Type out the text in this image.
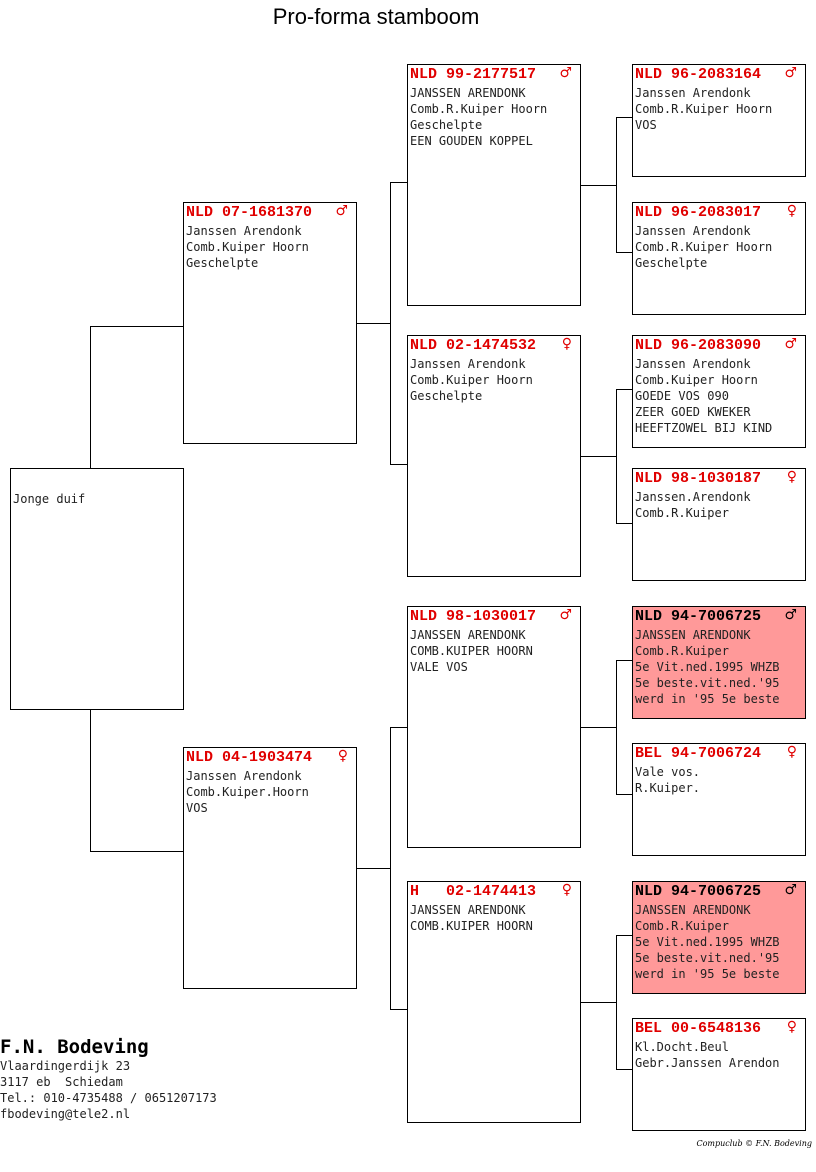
Pro-forma stamboom
Jonge duif
NLD 07-1681370 ♂
Janssen Arendonk
Comb.Kuiper Hoorn
Geschelpte
NLD 04-1903474 ♀
Janssen Arendonk
Comb.Kuiper.Hoorn
VOS
NLD 99-2177517 ♂
JANSSEN ARENDONK
Comb.R.Kuiper Hoorn
Geschelpte
EEN GOUDEN KOPPEL
NLD 02-1474532 ♀
Janssen Arendonk
Comb.Kuiper Hoorn
Geschelpte
NLD 98-1030017 ♂
JANSSEN ARENDONK
COMB.KUIPER HOORN
VALE VOS
H   02-1474413 ♀
JANSSEN ARENDONK
COMB.KUIPER HOORN
NLD 96-2083164 ♂
Janssen Arendonk
Comb.R.Kuiper Hoorn
VOS
NLD 96-2083017 ♀
Janssen Arendonk
Comb.R.Kuiper Hoorn
Geschelpte
NLD 96-2083090 ♂
Janssen Arendonk
Comb.Kuiper Hoorn
GOEDE VOS 090
ZEER GOED KWEKER
HEEFTZOWEL BIJ KIND
NLD 98-1030187 ♀
Janssen.Arendonk
Comb.R.Kuiper
NLD 94-7006725 ♂
JANSSEN ARENDONK
Comb.R.Kuiper
5e Vit.ned.1995 WHZB
5e beste.vit.ned.'95
werd in '95 5e beste
BEL 94-7006724 ♀
Vale vos.
R.Kuiper.
NLD 94-7006725 ♂
JANSSEN ARENDONK
Comb.R.Kuiper
5e Vit.ned.1995 WHZB
5e beste.vit.ned.'95
werd in '95 5e beste
BEL 00-6548136 ♀
Kl.Docht.Beul
Gebr.Janssen Arendon
F.N. Bodeving
Vlaardingerdijk 23
3117 eb  Schiedam
Tel.: 010-4735488 / 0651207173
fbodeving@tele2.nl
Compuclub © F.N. Bodeving
